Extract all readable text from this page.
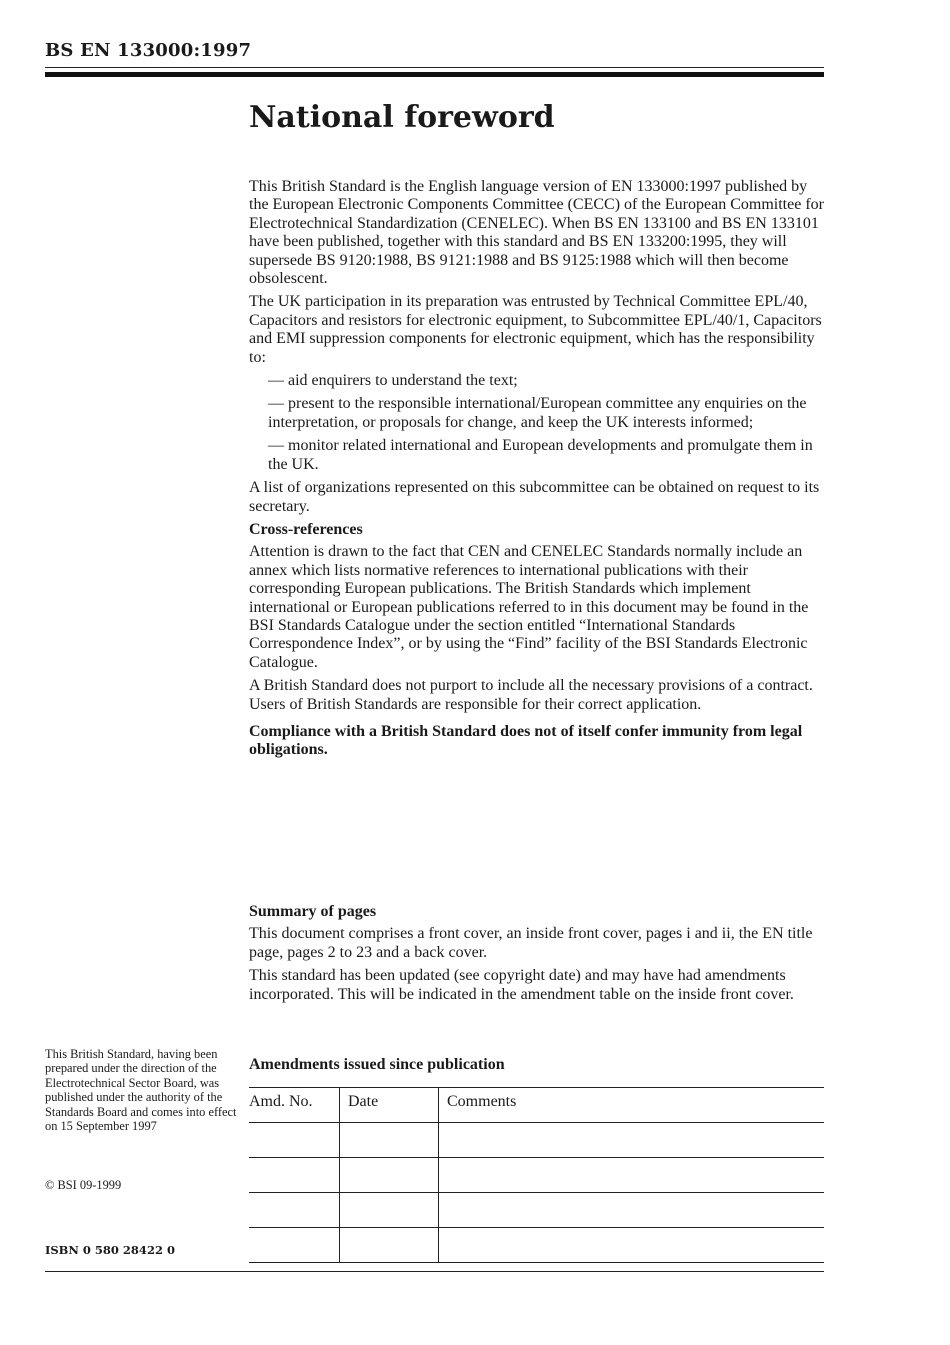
BS EN 133000:1997
National foreword

This British Standard is the English language version of EN 133000:1997 published by the European Electronic Components Committee (CECC) of the European Committee for Electrotechnical Standardization (CENELEC). When BS EN 133100 and BS EN 133101 have been published, together with this standard and BS EN 133200:1995, they will supersede BS 9120:1988, BS 9121:1988 and BS 9125:1988 which will then become obsolescent.

The UK participation in its preparation was entrusted by Technical Committee EPL/40, Capacitors and resistors for electronic equipment, to Subcommittee EPL/40/1, Capacitors and EMI suppression components for electronic equipment, which has the responsibility to:

— aid enquirers to understand the text;

— present to the responsible international/European committee any enquiries on the interpretation, or proposals for change, and keep the UK interests informed;

— monitor related international and European developments and promulgate them in the UK.

A list of organizations represented on this subcommittee can be obtained on request to its secretary.

Cross-references

Attention is drawn to the fact that CEN and CENELEC Standards normally include an annex which lists normative references to international publications with their corresponding European publications. The British Standards which implement international or European publications referred to in this document may be found in the BSI Standards Catalogue under the section entitled “International Standards Correspondence Index”, or by using the “Find” facility of the BSI Standards Electronic Catalogue.

A British Standard does not purport to include all the necessary provisions of a contract. Users of British Standards are responsible for their correct application.

Compliance with a British Standard does not of itself confer immunity from legal obligations.

Summary of pages

This document comprises a front cover, an inside front cover, pages i and ii, the EN title page, pages 2 to 23 and a back cover.

This standard has been updated (see copyright date) and may have had amendments incorporated. This will be indicated in the amendment table on the inside front cover.

This British Standard, having been prepared under the direction of the Electrotechnical Sector Board, was published under the authority of the Standards Board and comes into effect on 15 September 1997
© BSI 09-1999
ISBN 0 580 28422 0
Amendments issued since publication
Amd. No.	Date	Comments
